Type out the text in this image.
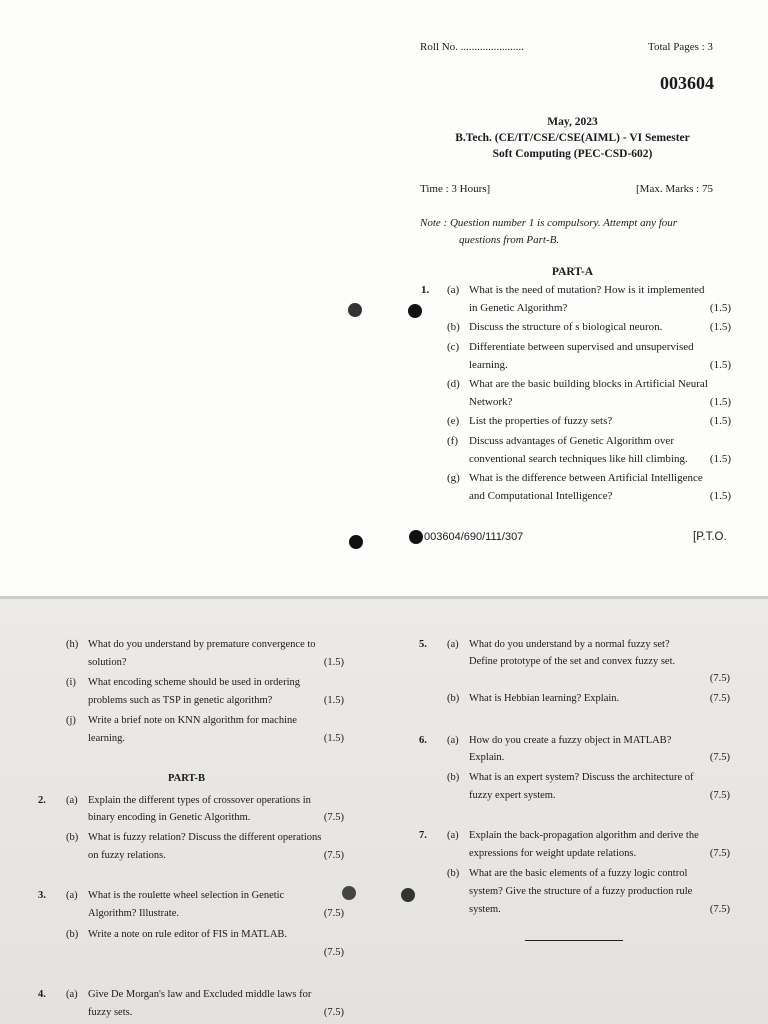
Roll No. .......................	Total Pages : 3
003604
May, 2023
B.Tech. (CE/IT/CSE/CSE(AIML) - VI Semester
Soft Computing (PEC-CSD-602)
Time : 3 Hours]	[Max. Marks : 75
Note : Question number 1 is compulsory. Attempt any four
questions from Part-B.
PART-A
1. (a) What is the need of mutation? How is it implemented
in Genetic Algorithm?	(1.5)
(b) Discuss the structure of s biological neuron.	(1.5)
(c) Differentiate between supervised and unsupervised
learning.	(1.5)
(d) What are the basic building blocks in Artificial Neural
Network?	(1.5)
(e) List the properties of fuzzy sets?	(1.5)
(f) Discuss advantages of Genetic Algorithm over
conventional search techniques like hill climbing. (1.5)
(g) What is the difference between Artificial Intelligence
and Computational Intelligence?	(1.5)
003604/690/111/307	[P.T.O.
(h) What do you understand by premature convergence to
solution?	(1.5)
(i) What encoding scheme should be used in ordering
problems such as TSP in genetic algorithm?	(1.5)
(j) Write a brief note on KNN algorithm for machine
learning.	(1.5)
PART-B
2. (a) Explain the different types of crossover operations in
binary encoding in Genetic Algorithm.	(7.5)
(b) What is fuzzy relation? Discuss the different operations
on fuzzy relations.	(7.5)
3. (a) What is the roulette wheel selection in Genetic
Algorithm? Illustrate.	(7.5)
(b) Write a note on rule editor of FIS in MATLAB.
(7.5)
4. (a) Give De Morgan's law and Excluded middle laws for
fuzzy sets.	(7.5)
5. (a) What do you understand by a normal fuzzy set?
Define prototype of the set and convex fuzzy set.
(7.5)
(b) What is Hebbian learning? Explain.	(7.5)
6. (a) How do you create a fuzzy object in MATLAB?
Explain.	(7.5)
(b) What is an expert system? Discuss the architecture of
fuzzy expert system.	(7.5)
7. (a) Explain the back-propagation algorithm and derive the
expressions for weight update relations.	(7.5)
(b) What are the basic elements of a fuzzy logic control
system? Give the structure of a fuzzy production rule
system.	(7.5)
